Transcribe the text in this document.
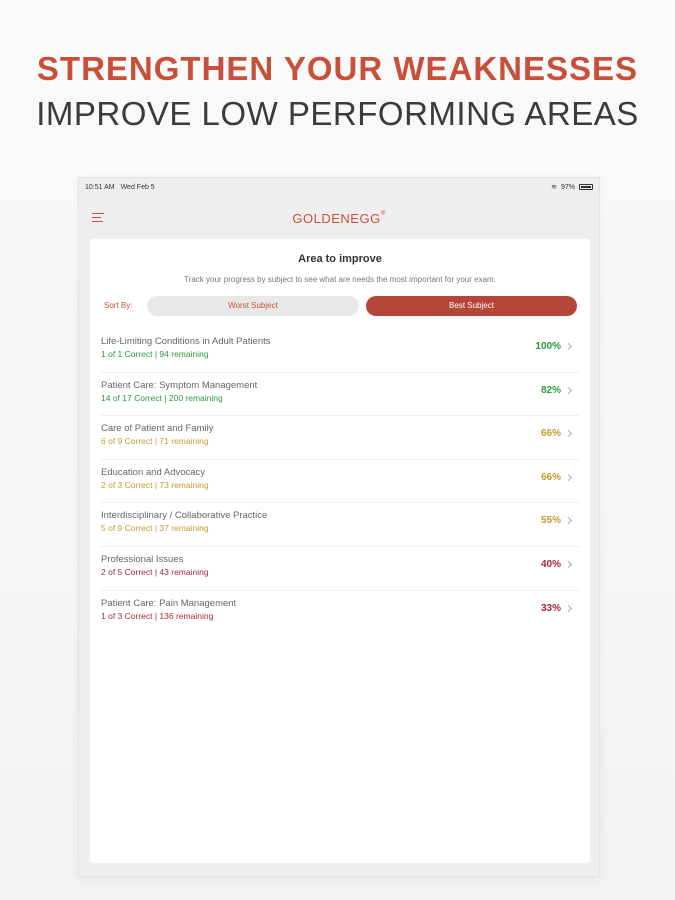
STRENGTHEN YOUR WEAKNESSES
IMPROVE LOW PERFORMING AREAS
10:51 AM Wed Feb 5	≋ 97%
GOLDENEGG®
Area to improve
Track your progress by subject to see what are needs the most important for your exam.
Sort By:	Worst Subject	Best Subject
Life-Limiting Conditions in Adult Patients
1 of 1 Correct | 94 remaining
100%
Patient Care: Symptom Management
14 of 17 Correct | 200 remaining
82%
Care of Patient and Family
6 of 9 Correct | 71 remaining
66%
Education and Advocacy
2 of 3 Correct | 73 remaining
66%
Interdisciplinary / Collaborative Practice
5 of 9 Correct | 37 remaining
55%
Professional Issues
2 of 5 Correct | 43 remaining
40%
Patient Care: Pain Management
1 of 3 Correct | 136 remaining
33%
